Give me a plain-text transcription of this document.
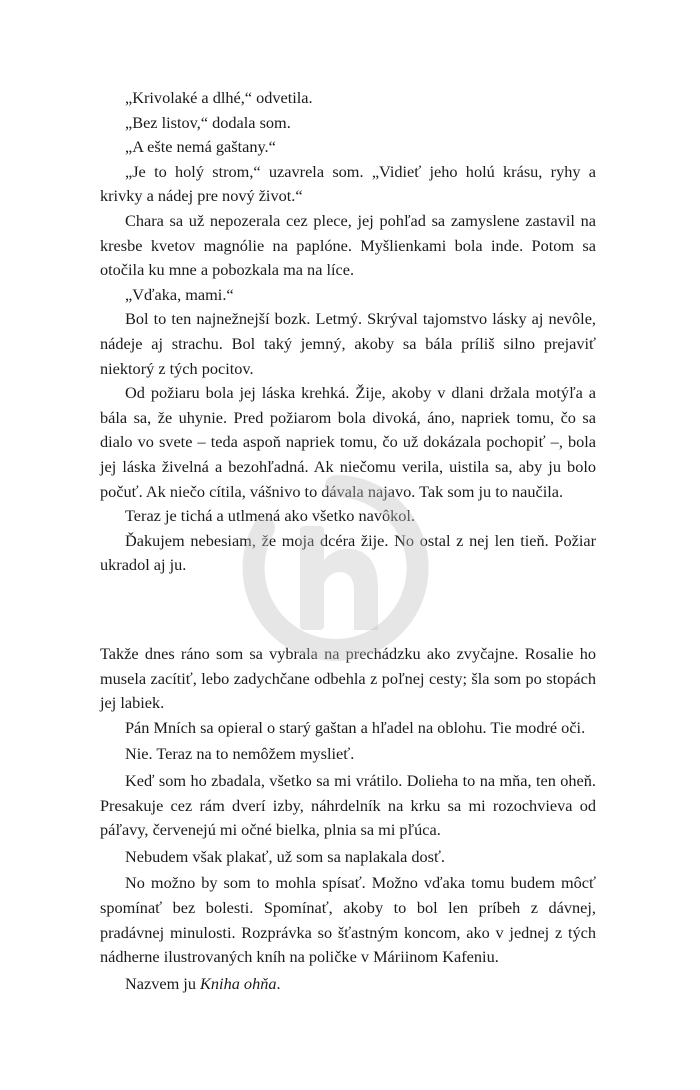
„Krivolaké a dlhé,“ odvetila.

„Bez listov,“ dodala som.

„A ešte nemá gaštany.“

„Je to holý strom,“ uzavrela som. „Vidieť jeho holú krásu, ryhy a krivky a nádej pre nový život.“

Chara sa už nepozerala cez plece, jej pohľad sa zamyslene zastavil na kresbe kvetov magnólie na paplóne. Myšlienkami bola inde. Potom sa otočila ku mne a pobozkala ma na líce.

„Vďaka, mami.“

Bol to ten najnežnejší bozk. Letmý. Skrýval tajomstvo lásky aj nevôle, nádeje aj strachu. Bol taký jemný, akoby sa bála príliš silno prejaviť niektorý z tých pocitov.

Od požiaru bola jej láska krehká. Žije, akoby v dlani držala motýľa a bála sa, že uhynie. Pred požiarom bola divoká, áno, napriek tomu, čo sa dialo vo svete – teda aspoň napriek tomu, čo už dokázala pochopiť –, bola jej láska živelná a bezohľadná. Ak niečomu verila, uistila sa, aby ju bolo počuť. Ak niečo cítila, vášnivo to dávala najavo. Tak som ju to naučila.

Teraz je tichá a utlmená ako všetko navôkol.

Ďakujem nebesiam, že moja dcéra žije. No ostal z nej len tieň. Požiar ukradol aj ju.

Takže dnes ráno som sa vybrala na prechádzku ako zvyčajne. Rosalie ho musela zacítiť, lebo zadychčane odbehla z poľnej cesty; šla som po stopách jej labiek.

Pán Mních sa opieral o starý gaštan a hľadel na oblohu. Tie modré oči.

Nie. Teraz na to nemôžem myslieť.

Keď som ho zbadala, všetko sa mi vrátilo. Dolieha to na mňa, ten oheň. Presakuje cez rám dverí izby, náhrdelník na krku sa mi rozochvieva od páľavy, červenejú mi očné bielka, plnia sa mi pľúca.

Nebudem však plakať, už som sa naplakala dosť.

No možno by som to mohla spísať. Možno vďaka tomu budem môcť spomínať bez bolesti. Spomínať, akoby to bol len príbeh z dávnej, pradávnej minulosti. Rozprávka so šťastným koncom, ako v jednej z tých nádherne ilustrovaných kníh na poličke v Máriinom Kafeniu.

Nazvem ju Kniha ohňa.
